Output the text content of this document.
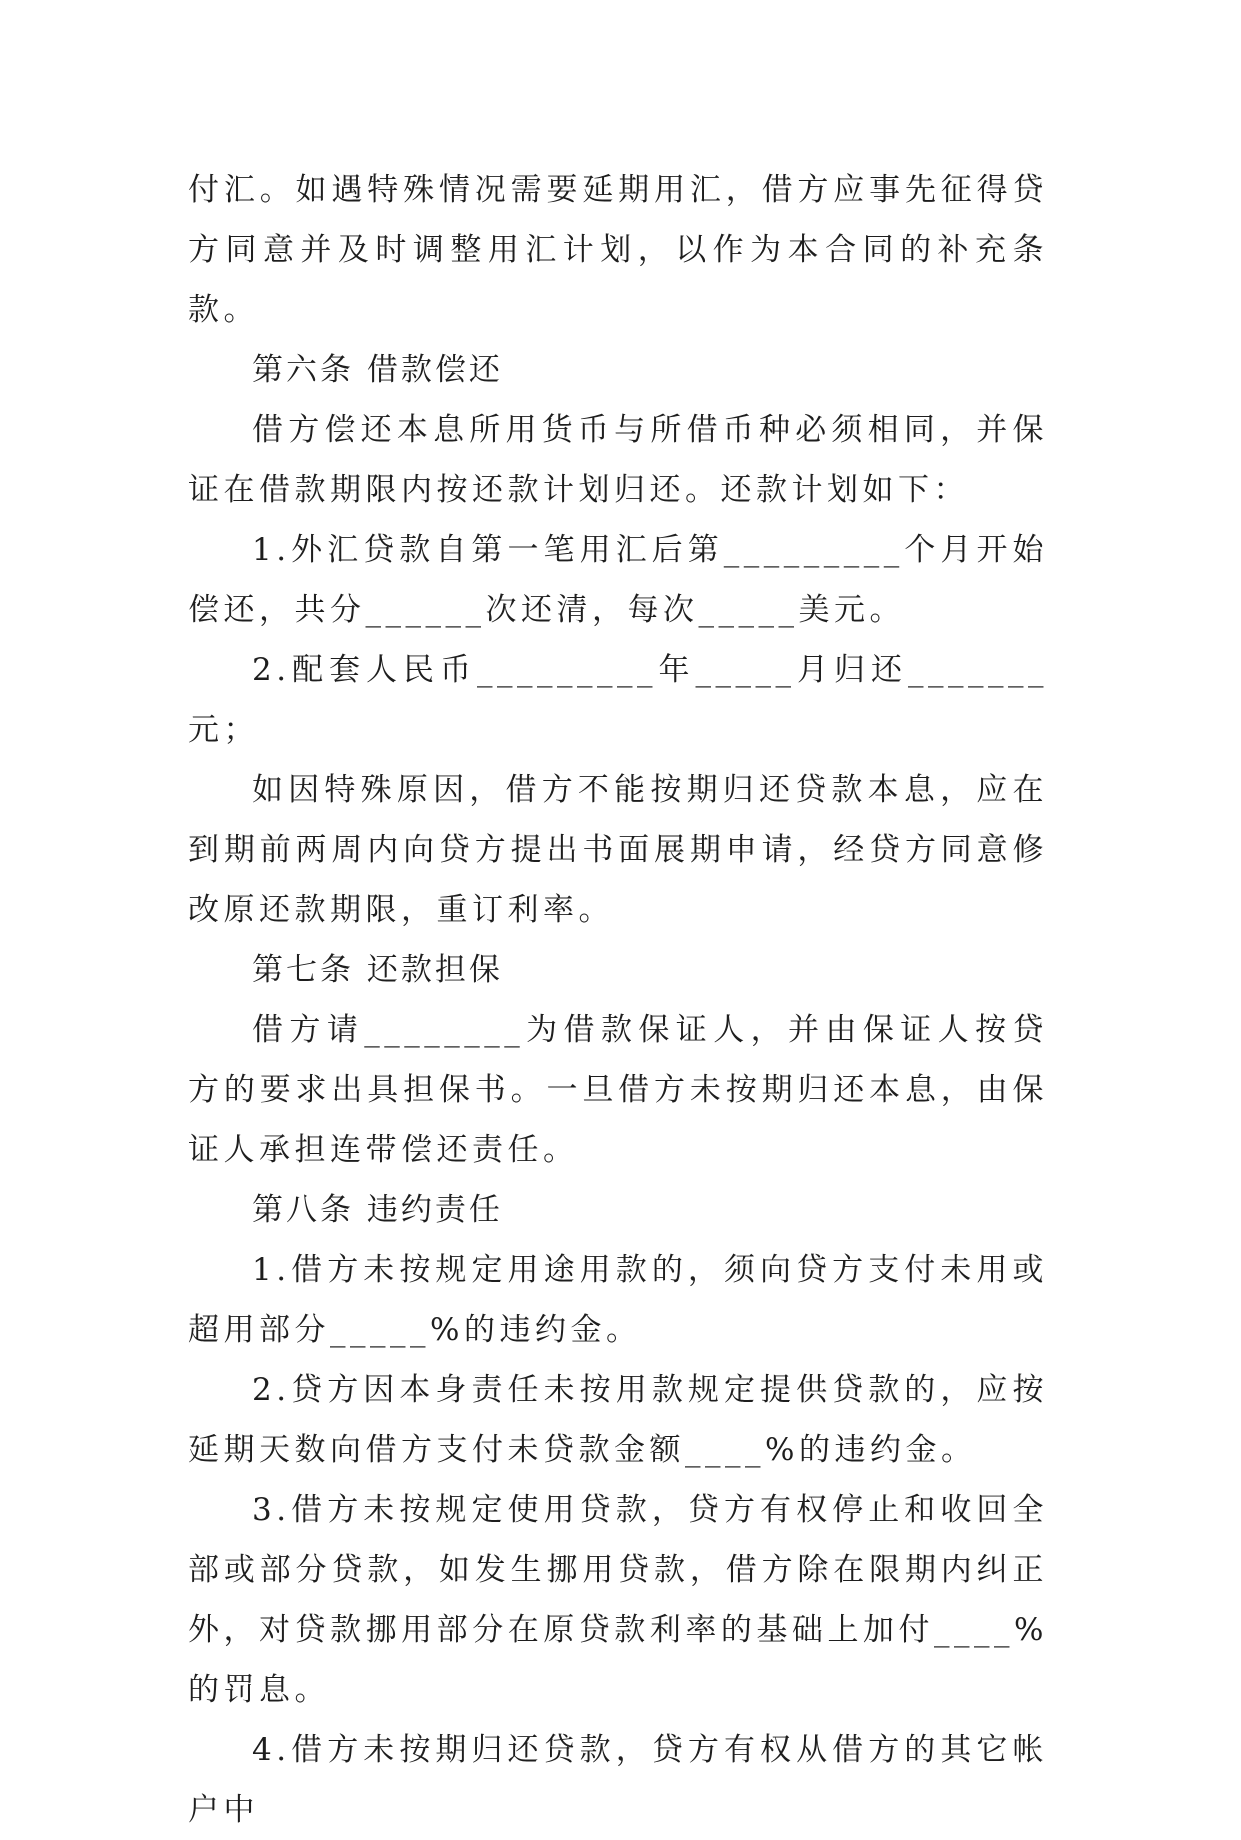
付汇。如遇特殊情况需要延期用汇，借方应事先征得贷方同意并及时调整用汇计划，以作为本合同的补充条款。

第六条 借款偿还

借方偿还本息所用货币与所借币种必须相同，并保证在借款期限内按还款计划归还。还款计划如下：

1.外汇贷款自第一笔用汇后第_________个月开始偿还，共分______次还清，每次_____美元。

2.配套人民币_________年_____月归还_______元；

如因特殊原因，借方不能按期归还贷款本息，应在到期前两周内向贷方提出书面展期申请，经贷方同意修改原还款期限，重订利率。

第七条 还款担保

借方请________为借款保证人，并由保证人按贷方的要求出具担保书。一旦借方未按期归还本息，由保证人承担连带偿还责任。

第八条 违约责任

1.借方未按规定用途用款的，须向贷方支付未用或超用部分_____%的违约金。

2.贷方因本身责任未按用款规定提供贷款的，应按延期天数向借方支付未贷款金额____%的违约金。

3.借方未按规定使用贷款，贷方有权停止和收回全部或部分贷款，如发生挪用贷款，借方除在限期内纠正外，对贷款挪用部分在原贷款利率的基础上加付____%的罚息。

4.借方未按期归还贷款，贷方有权从借方的其它帐户中
